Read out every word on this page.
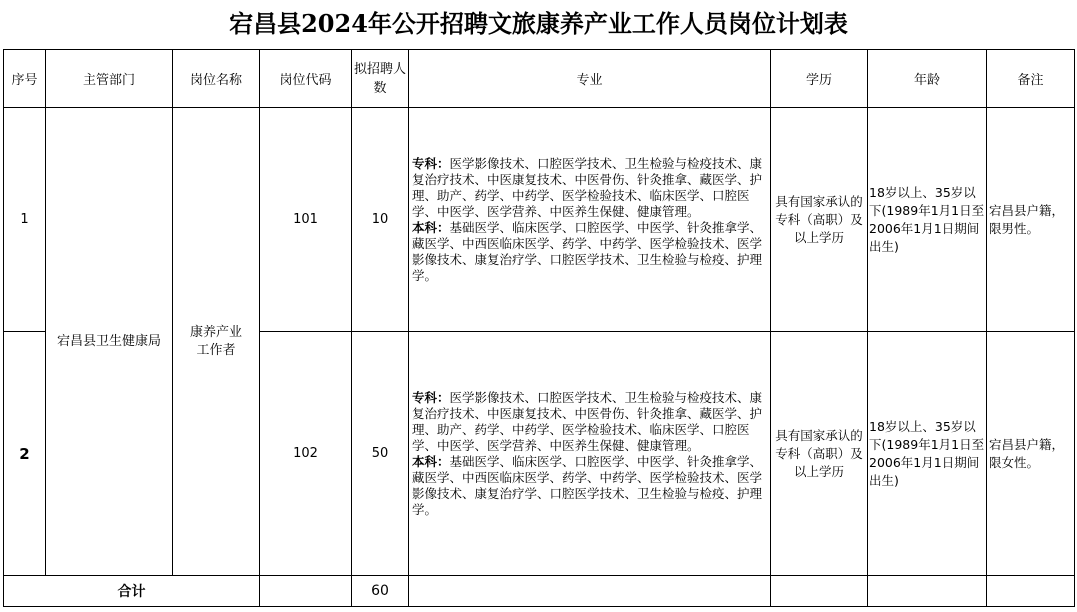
宕昌县2024年公开招聘文旅康养产业工作人员岗位计划表
序号	主管部门	岗位名称	岗位代码	拟招聘人数	专业	学历	年龄	备注
1	宕昌县卫生健康局	康养产业工作者	101	10	专科：医学影像技术、口腔医学技术、卫生检验与检疫技术、康复治疗技术、中医康复技术、中医骨伤、针灸推拿、藏医学、护理、助产、药学、中药学、医学检验技术、临床医学、口腔医学、中医学、医学营养、中医养生保健、健康管理。
本科：基础医学、临床医学、口腔医学、中医学、针灸推拿学、藏医学、中西医临床医学、药学、中药学、医学检验技术、医学影像技术、康复治疗学、口腔医学技术、卫生检验与检疫、护理学。	具有国家承认的专科（高职）及以上学历	18岁以上、35岁以下(1989年1月1日至2006年1月1日期间出生)	宕昌县户籍，限男性。
2			102	50	专科：医学影像技术、口腔医学技术、卫生检验与检疫技术、康复治疗技术、中医康复技术、中医骨伤、针灸推拿、藏医学、护理、助产、药学、中药学、医学检验技术、临床医学、口腔医学、中医学、医学营养、中医养生保健、健康管理。
本科：基础医学、临床医学、口腔医学、中医学、针灸推拿学、藏医学、中西医临床医学、药学、中药学、医学检验技术、医学影像技术、康复治疗学、口腔医学技术、卫生检验与检疫、护理学。	具有国家承认的专科（高职）及以上学历	18岁以上、35岁以下(1989年1月1日至2006年1月1日期间出生)	宕昌县户籍，限女性。
合计				60				
